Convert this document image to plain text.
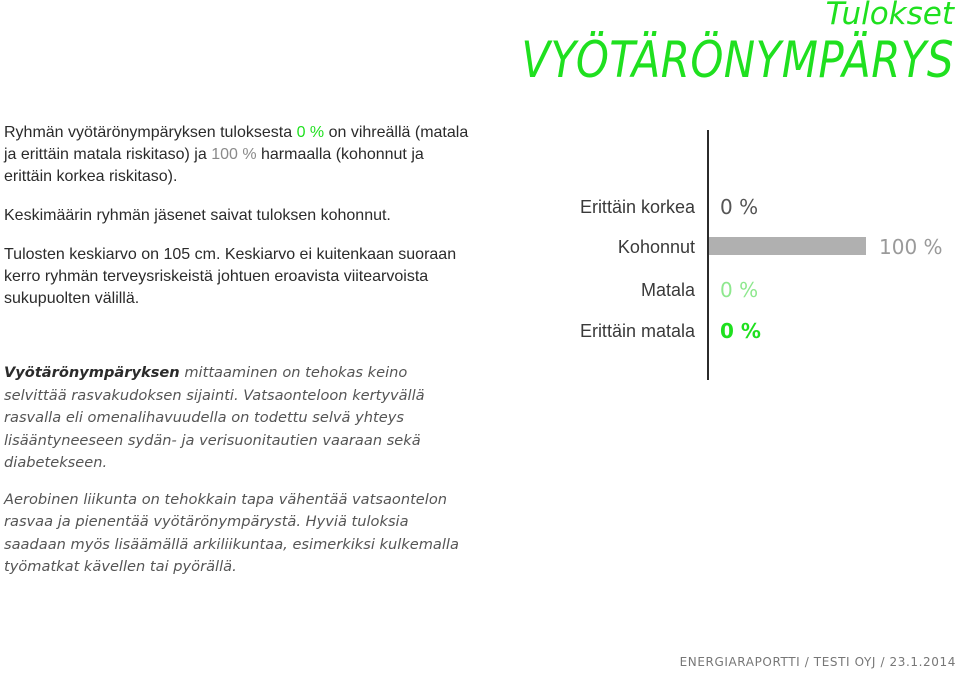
Tulokset
VYÖTÄRÖNYMPÄRYS

Ryhmän vyötärönympäryksen tuloksesta 0 % on vihreällä (matala ja erittäin matala riskitaso) ja 100 % harmaalla (kohonnut ja erittäin korkea riskitaso).

Keskimäärin ryhmän jäsenet saivat tuloksen kohonnut.

Tulosten keskiarvo on 105 cm. Keskiarvo ei kuitenkaan suoraan kerro ryhmän terveysriskeistä johtuen eroavista viitearvoista sukupuolten välillä.

Vyötärönympäryksen mittaaminen on tehokas keino selvittää rasvakudoksen sijainti. Vatsaonteloon kertyvällä rasvalla eli omenalihavuudella on todettu selvä yhteys lisääntyneeseen sydän- ja verisuonitautien vaaraan sekä diabetekseen.

Aerobinen liikunta on tehokkain tapa vähentää vatsaontelon rasvaa ja pienentää vyötärönympärystä. Hyviä tuloksia saadaan myös lisäämällä arkiliikuntaa, esimerkiksi kulkemalla työmatkat kävellen tai pyörällä.

Erittäin korkea 0 %
Kohonnut	100 %
Matala 0 %
Erittäin matala 0 %
ENERGIARAPORTTI / TESTI OYJ / 23.1.2014
